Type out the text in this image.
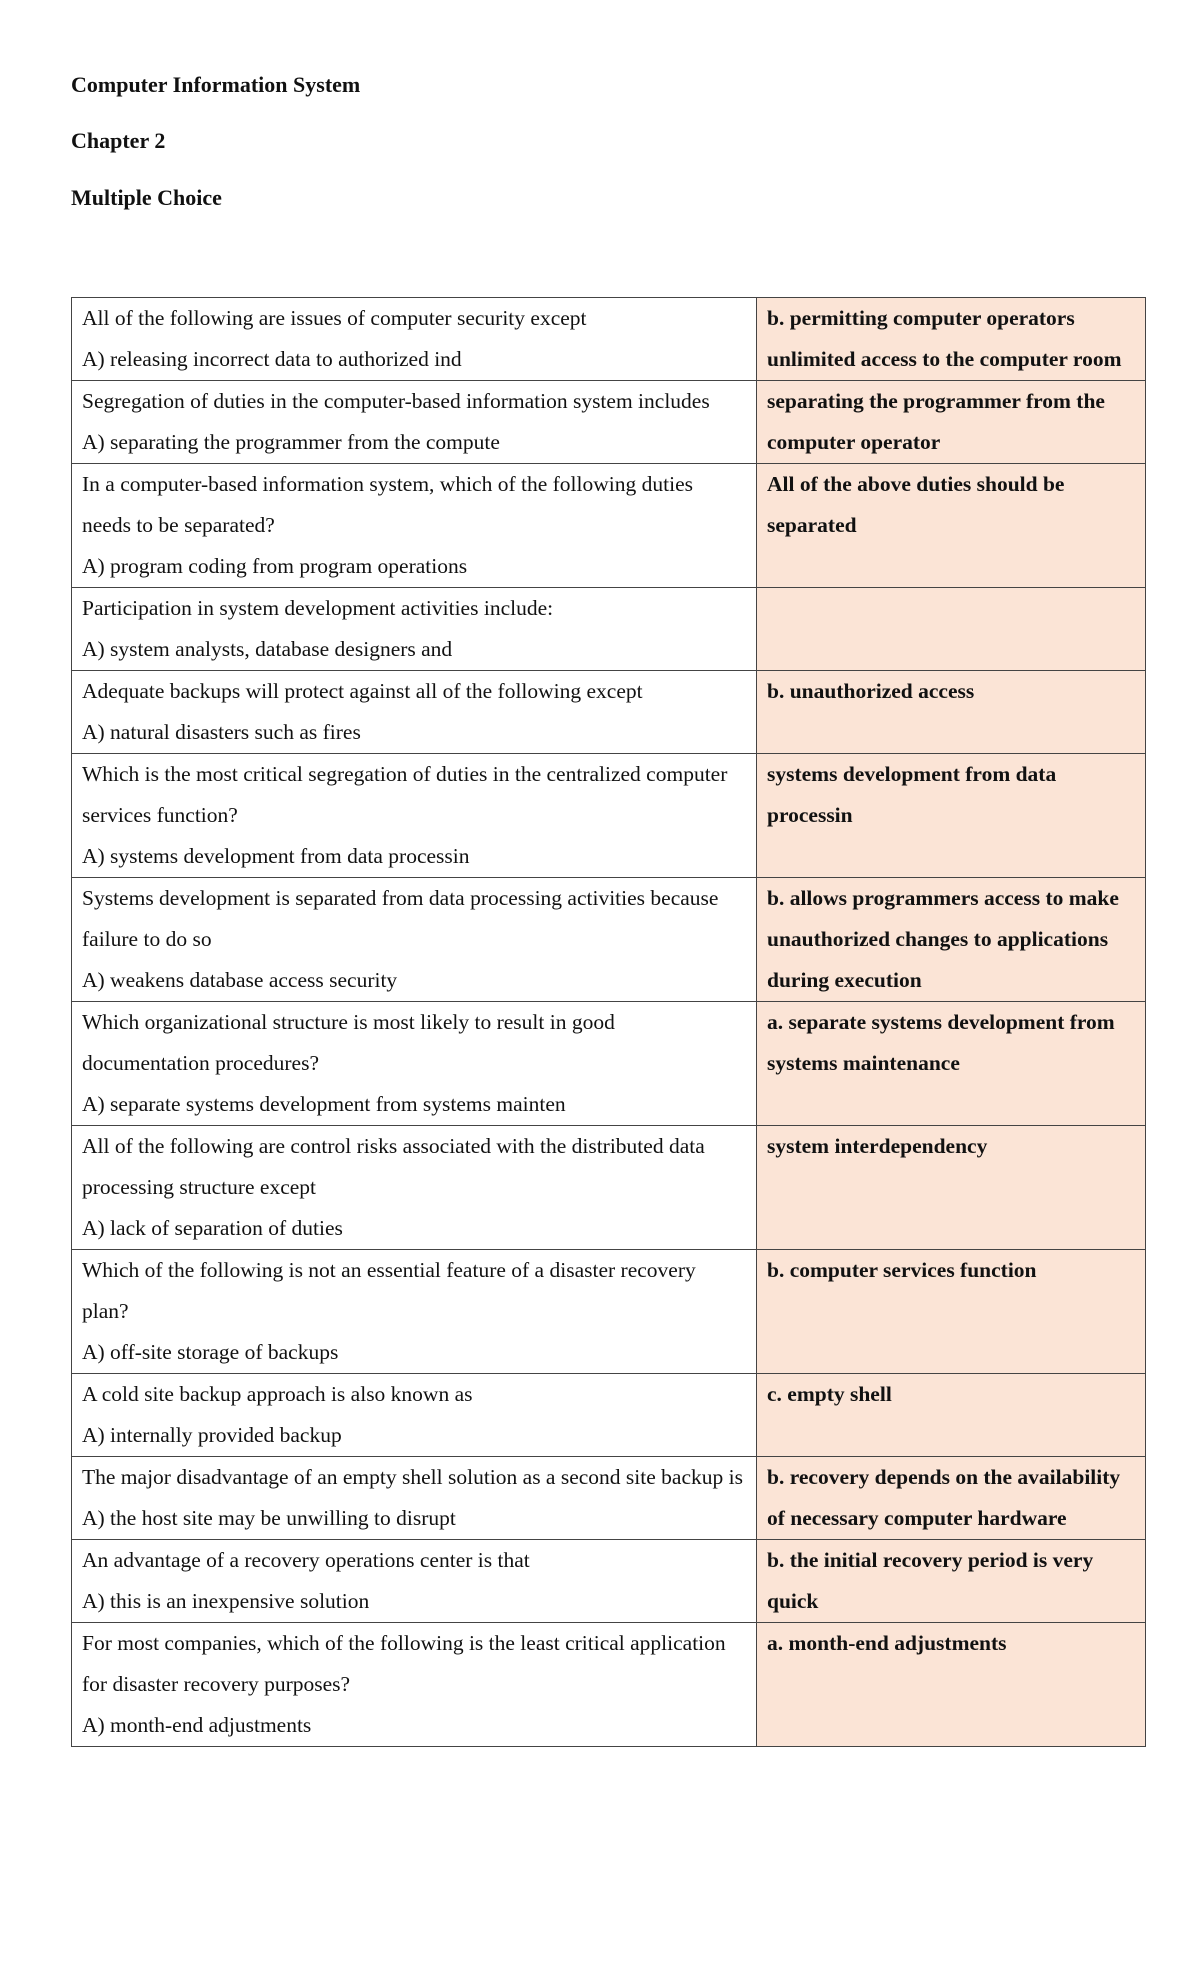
Computer Information System

Chapter 2

Multiple Choice

All of the following are issues of computer security except
A) releasing incorrect data to authorized ind	b. permitting computer operators unlimited access to the computer room

Segregation of duties in the computer-based information system includes
A) separating the programmer from the compute	separating the programmer from the computer operator

In a computer-based information system, which of the following duties needs to be separated?
A) program coding from program operations	All of the above duties should be separated

Participation in system development activities include:
A) system analysts, database designers and	

Adequate backups will protect against all of the following except
A) natural disasters such as fires	b. unauthorized access

Which is the most critical segregation of duties in the centralized computer services function?
A) systems development from data processin	systems development from data processin

Systems development is separated from data processing activities because failure to do so
A) weakens database access security	b. allows programmers access to make unauthorized changes to applications during execution

Which organizational structure is most likely to result in good documentation procedures?
A) separate systems development from systems mainten	a. separate systems development from systems maintenance

All of the following are control risks associated with the distributed data processing structure except
A) lack of separation of duties	system interdependency

Which of the following is not an essential feature of a disaster recovery plan?
A) off-site storage of backups	b. computer services function

A cold site backup approach is also known as
A) internally provided backup	c. empty shell

The major disadvantage of an empty shell solution as a second site backup is
A) the host site may be unwilling to disrupt	b. recovery depends on the availability of necessary computer hardware

An advantage of a recovery operations center is that
A) this is an inexpensive solution	b. the initial recovery period is very quick

For most companies, which of the following is the least critical application for disaster recovery purposes?
A) month-end adjustments	a. month-end adjustments
